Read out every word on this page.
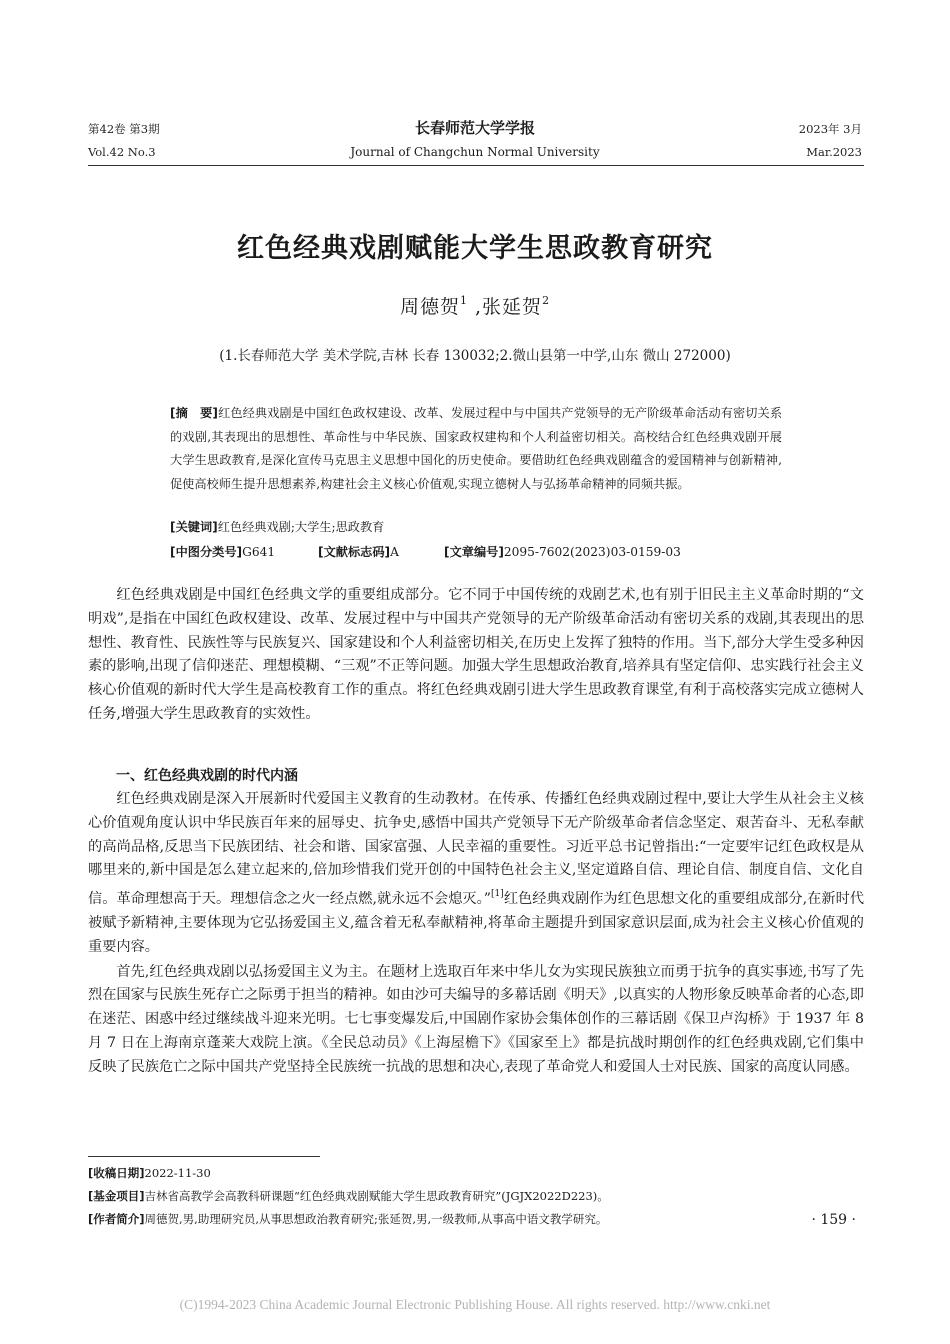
第42卷 第3期
Vol.42 No.3
长春师范大学学报
Journal of Changchun Normal University
2023年 3月
Mar.2023
红色经典戏剧赋能大学生思政教育研究
周德贺$^1$ ,张延贺$^2$
(1.长春师范大学 美术学院,吉林 长春 130032;2.微山县第一中学,山东 微山 272000)
[摘　要]红色经典戏剧是中国红色政权建设、改革、发展过程中与中国共产党领导的无产阶级革命活动有密切关系的戏剧,其表现出的思想性、革命性与中华民族、国家政权建构和个人利益密切相关。高校结合红色经典戏剧开展大学生思政教育,是深化宣传马克思主义思想中国化的历史使命。要借助红色经典戏剧蕴含的爱国精神与创新精神,促使高校师生提升思想素养,构建社会主义核心价值观,实现立德树人与弘扬革命精神的同频共振。
[关键词]红色经典戏剧;大学生;思政教育
[中图分类号]G641	[文献标志码]A	[文章编号]2095-7602(2023)03-0159-03

红色经典戏剧是中国红色经典文学的重要组成部分。它不同于中国传统的戏剧艺术,也有别于旧民主主义革命时期的“文明戏”,是指在中国红色政权建设、改革、发展过程中与中国共产党领导的无产阶级革命活动有密切关系的戏剧,其表现出的思想性、教育性、民族性等与民族复兴、国家建设和个人利益密切相关,在历史上发挥了独特的作用。当下,部分大学生受多种因素的影响,出现了信仰迷茫、理想模糊、“三观”不正等问题。加强大学生思想政治教育,培养具有坚定信仰、忠实践行社会主义核心价值观的新时代大学生是高校教育工作的重点。将红色经典戏剧引进大学生思政教育课堂,有利于高校落实完成立德树人任务,增强大学生思政教育的实效性。

一、红色经典戏剧的时代内涵

红色经典戏剧是深入开展新时代爱国主义教育的生动教材。在传承、传播红色经典戏剧过程中,要让大学生从社会主义核心价值观角度认识中华民族百年来的屈辱史、抗争史,感悟中国共产党领导下无产阶级革命者信念坚定、艰苦奋斗、无私奉献的高尚品格,反思当下民族团结、社会和谐、国家富强、人民幸福的重要性。习近平总书记曾指出:“一定要牢记红色政权是从哪里来的,新中国是怎么建立起来的,倍加珍惜我们党开创的中国特色社会主义,坚定道路自信、理论自信、制度自信、文化自信。革命理想高于天。理想信念之火一经点燃,就永远不会熄灭。”[1]红色经典戏剧作为红色思想文化的重要组成部分,在新时代被赋予新精神,主要体现为它弘扬爱国主义,蕴含着无私奉献精神,将革命主题提升到国家意识层面,成为社会主义核心价值观的重要内容。

首先,红色经典戏剧以弘扬爱国主义为主。在题材上选取百年来中华儿女为实现民族独立而勇于抗争的真实事迹,书写了先烈在国家与民族生死存亡之际勇于担当的精神。如由沙可夫编导的多幕话剧《明天》,以真实的人物形象反映革命者的心态,即在迷茫、困惑中经过继续战斗迎来光明。七七事变爆发后,中国剧作家协会集体创作的三幕话剧《保卫卢沟桥》于 1937 年 8 月 7 日在上海南京蓬莱大戏院上演。《全民总动员》《上海屋檐下》《国家至上》都是抗战时期创作的红色经典戏剧,它们集中反映了民族危亡之际中国共产党坚持全民族统一抗战的思想和决心,表现了革命党人和爱国人士对民族、国家的高度认同感。

[收稿日期]2022-11-30
[基金项目]吉林省高教学会高教科研课题“红色经典戏剧赋能大学生思政教育研究”(JGJX2022D223)。
[作者简介]周德贺,男,助理研究员,从事思想政治教育研究;张延贺,男,一级教师,从事高中语文教学研究。	· 159 ·
(C)1994-2023 China Academic Journal Electronic Publishing House. All rights reserved. http://www.cnki.net
